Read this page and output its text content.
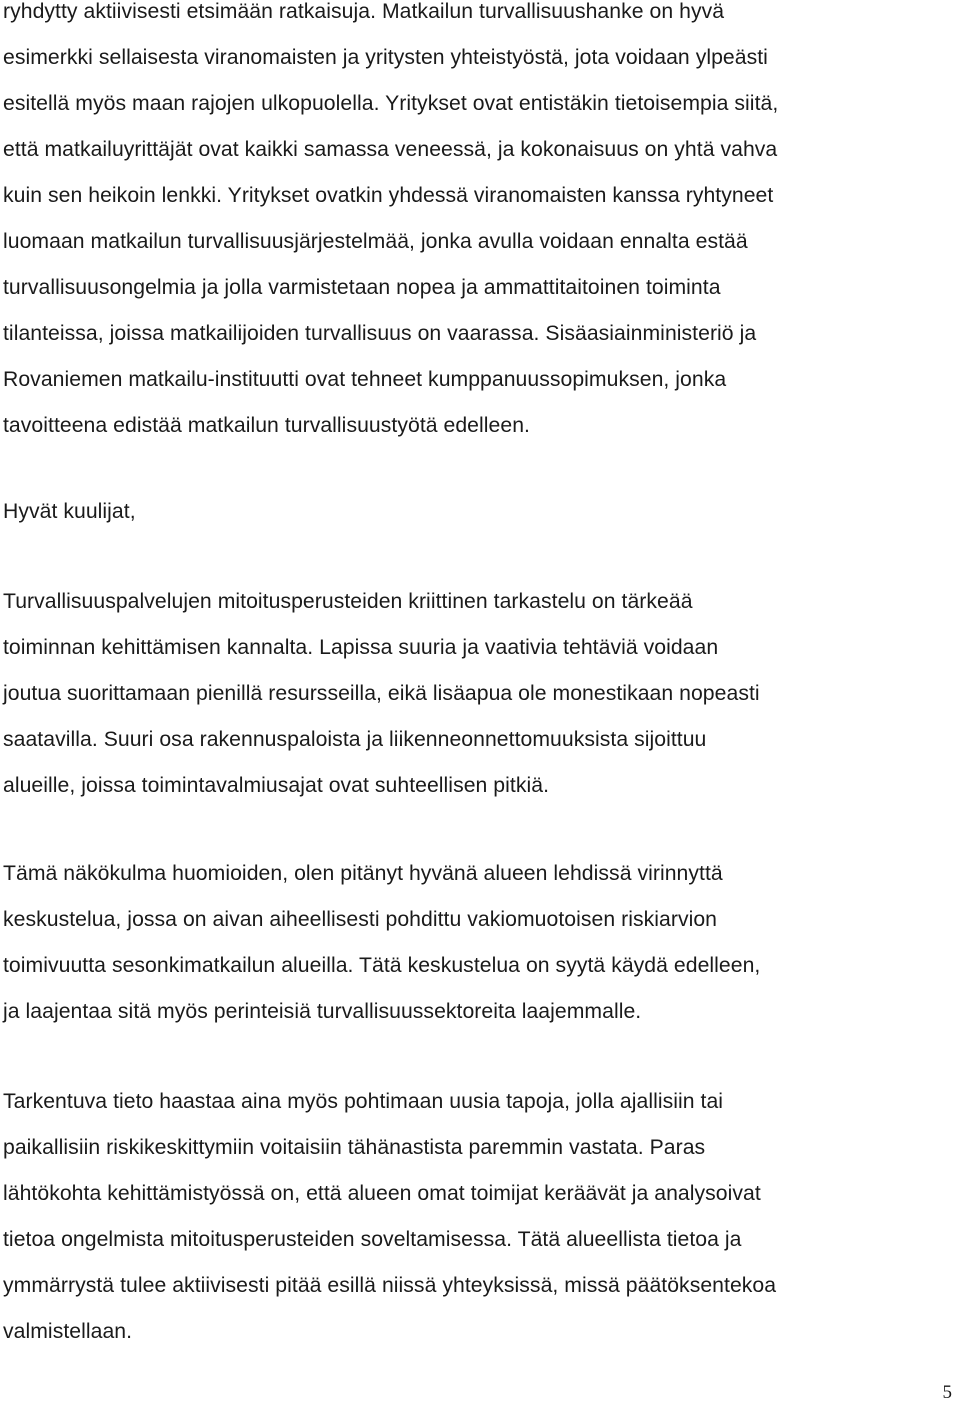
ryhdytty aktiivisesti etsimään ratkaisuja. Matkailun turvallisuushanke on hyvä
esimerkki sellaisesta viranomaisten ja yritysten yhteistyöstä, jota voidaan ylpeästi
esitellä myös maan rajojen ulkopuolella. Yritykset ovat entistäkin tietoisempia siitä,
että matkailuyrittäjät ovat kaikki samassa veneessä, ja kokonaisuus on yhtä vahva
kuin sen heikoin lenkki. Yritykset ovatkin yhdessä viranomaisten kanssa ryhtyneet
luomaan matkailun turvallisuusjärjestelmää, jonka avulla voidaan ennalta estää
turvallisuusongelmia ja jolla varmistetaan nopea ja ammattitaitoinen toiminta
tilanteissa, joissa matkailijoiden turvallisuus on vaarassa. Sisäasiainministeriö ja
Rovaniemen matkailu-instituutti ovat tehneet kumppanuussopimuksen, jonka
tavoitteena edistää matkailun turvallisuustyötä edelleen.
Hyvät kuulijat,
Turvallisuuspalvelujen mitoitusperusteiden kriittinen tarkastelu on tärkeää
toiminnan kehittämisen kannalta. Lapissa suuria ja vaativia tehtäviä voidaan
joutua suorittamaan pienillä resursseilla, eikä lisäapua ole monestikaan nopeasti
saatavilla. Suuri osa rakennuspaloista ja liikenneonnettomuuksista sijoittuu
alueille, joissa toimintavalmiusajat ovat suhteellisen pitkiä.
Tämä näkökulma huomioiden, olen pitänyt hyvänä alueen lehdissä virinnyttä
keskustelua, jossa on aivan aiheellisesti pohdittu vakiomuotoisen riskiarvion
toimivuutta sesonkimatkailun alueilla. Tätä keskustelua on syytä käydä edelleen,
ja laajentaa sitä myös perinteisiä turvallisuussektoreita laajemmalle.
Tarkentuva tieto haastaa aina myös pohtimaan uusia tapoja, jolla ajallisiin tai
paikallisiin riskikeskittymiin voitaisiin tähänastista paremmin vastata. Paras
lähtökohta kehittämistyössä on, että alueen omat toimijat keräävät ja analysoivat
tietoa ongelmista mitoitusperusteiden soveltamisessa. Tätä alueellista tietoa ja
ymmärrystä tulee aktiivisesti pitää esillä niissä yhteyksissä, missä päätöksentekoa
valmistellaan.
5
